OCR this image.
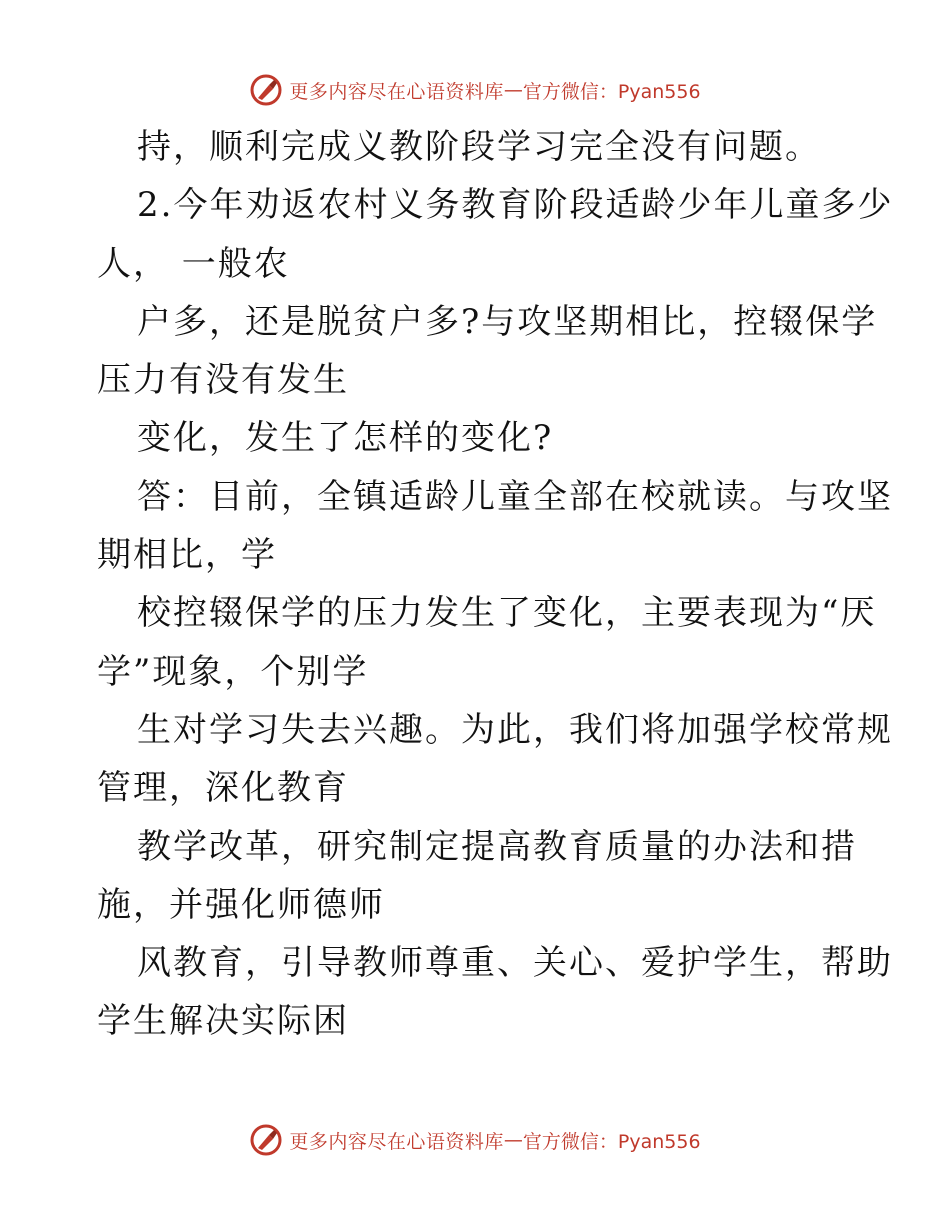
更多内容尽在心语资料库 — 官方微信：Pyan556
持，顺利完成义教阶段学习完全没有问题。
2.今年劝返农村义务教育阶段适龄少年儿童多少
人， 一般农
户多，还是脱贫户多?与攻坚期相比，控辍保学
压力有没有发生
变化，发生了怎样的变化?
答：目前，全镇适龄儿童全部在校就读。与攻坚
期相比，学
校控辍保学的压力发生了变化，主要表现为“厌
学”现象，个别学
生对学习失去兴趣。为此，我们将加强学校常规
管理，深化教育
教学改革，研究制定提高教育质量的办法和措
施，并强化师德师
风教育，引导教师尊重、关心、爱护学生，帮助
学生解决实际困
更多内容尽在心语资料库 — 官方微信：Pyan556
